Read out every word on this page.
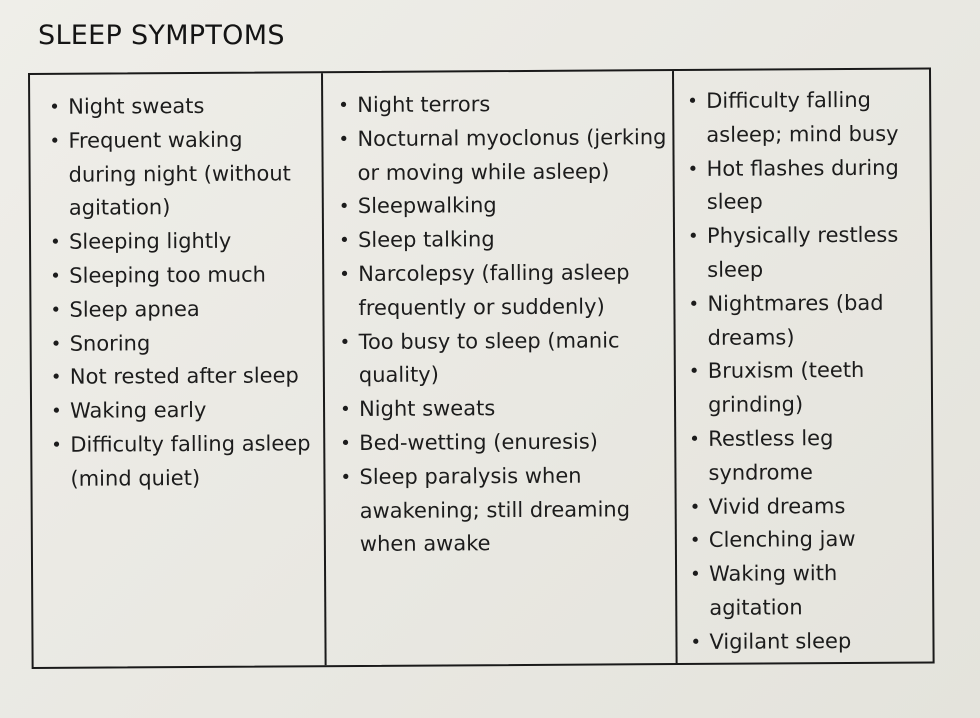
SLEEP SYMPTOMS
• Night sweats
• Frequent waking during night (without agitation)
• Sleeping lightly
• Sleeping too much
• Sleep apnea
• Snoring
• Not rested after sleep
• Waking early
• Difficulty falling asleep (mind quiet)
• Night terrors
• Nocturnal myoclonus (jerking or moving while asleep)
• Sleepwalking
• Sleep talking
• Narcolepsy (falling asleep frequently or suddenly)
• Too busy to sleep (manic quality)
• Night sweats
• Bed-wetting (enuresis)
• Sleep paralysis when awakening; still dreaming when awake
• Difficulty falling asleep; mind busy
• Hot flashes during sleep
• Physically restless sleep
• Nightmares (bad dreams)
• Bruxism (teeth grinding)
• Restless leg syndrome
• Vivid dreams
• Clenching jaw
• Waking with agitation
• Vigilant sleep
